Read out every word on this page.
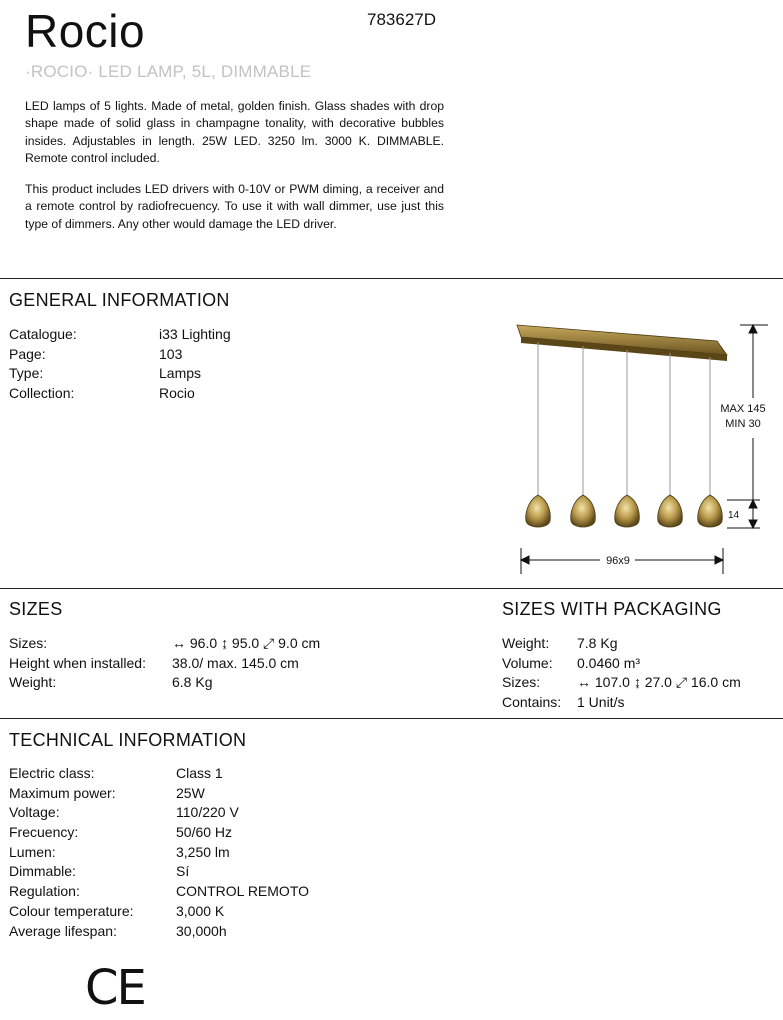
Rocio	783627D
·ROCIO· LED LAMP, 5L, DIMMABLE
LED lamps of 5 lights. Made of metal, golden finish. Glass shades with drop shape made of solid glass in champagne tonality, with decorative bubbles insides. Adjustables in length. 25W LED. 3250 lm. 3000 K. DIMMABLE. Remote control included.
This product includes LED drivers with 0-10V or PWM diming, a receiver and a remote control by radiofrecuency. To use it with wall dimmer, use just this type of dimmers. Any other would damage the LED driver.
GENERAL INFORMATION
Catalogue:	i33 Lighting
Page:	103
Type:	Lamps
Collection:	Rocio
MAX 145
MIN 30
14
96x9
SIZES
Sizes:	↔ 96.0 ↨ 95.0 ⤢ 9.0 cm
Height when installed: 38.0/ max. 145.0 cm
Weight:	6.8 Kg
SIZES WITH PACKAGING
Weight: 7.8 Kg
Volume: 0.0460 m³
Sizes:	↔ 107.0 ↨ 27.0 ⤢ 16.0 cm
Contains: 1 Unit/s
TECHNICAL INFORMATION
Electric class:	Class 1
Maximum power:	25W
Voltage:	110/220 V
Frecuency:	50/60 Hz
Lumen:	3,250 lm
Dimmable:	Sí
Regulation:	CONTROL REMOTO
Colour temperature:	3,000 K
Average lifespan:	30,000h
CE
